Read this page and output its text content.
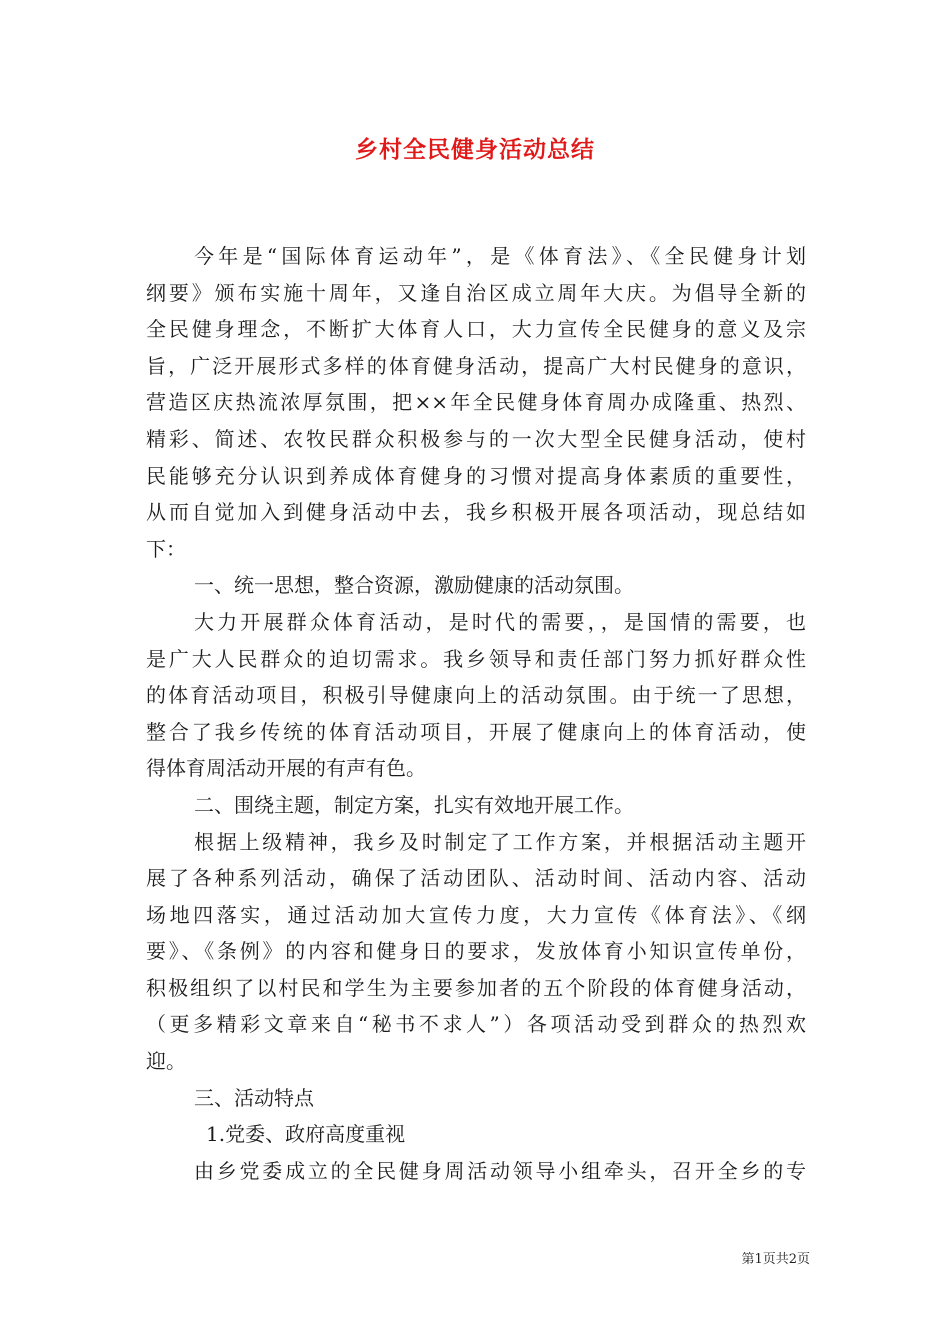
乡村全民健身活动总结
今年是“国际体育运动年”，是《体育法》、《全民健身计划
纲要》颁布实施十周年，又逢自治区成立周年大庆。为倡导全新的
全民健身理念，不断扩大体育人口，大力宣传全民健身的意义及宗
旨，广泛开展形式多样的体育健身活动，提高广大村民健身的意识，
营造区庆热流浓厚氛围，把××年全民健身体育周办成隆重、热烈、
精彩、简述、农牧民群众积极参与的一次大型全民健身活动，使村
民能够充分认识到养成体育健身的习惯对提高身体素质的重要性，
从而自觉加入到健身活动中去，我乡积极开展各项活动，现总结如
下：
一、统一思想，整合资源，激励健康的活动氛围。
大力开展群众体育活动，是时代的需要，，是国情的需要，也
是广大人民群众的迫切需求。我乡领导和责任部门努力抓好群众性
的体育活动项目，积极引导健康向上的活动氛围。由于统一了思想，
整合了我乡传统的体育活动项目，开展了健康向上的体育活动，使
得体育周活动开展的有声有色。
二、围绕主题，制定方案，扎实有效地开展工作。
根据上级精神，我乡及时制定了工作方案，并根据活动主题开
展了各种系列活动，确保了活动团队、活动时间、活动内容、活动
场地四落实，通过活动加大宣传力度，大力宣传《体育法》、《纲
要》、《条例》的内容和健身日的要求，发放体育小知识宣传单份，
积极组织了以村民和学生为主要参加者的五个阶段的体育健身活动，
（更多精彩文章来自“秘书不求人”）各项活动受到群众的热烈欢
迎。
三、活动特点
1.党委、政府高度重视
由乡党委成立的全民健身周活动领导小组牵头，召开全乡的专
第1页共2页
